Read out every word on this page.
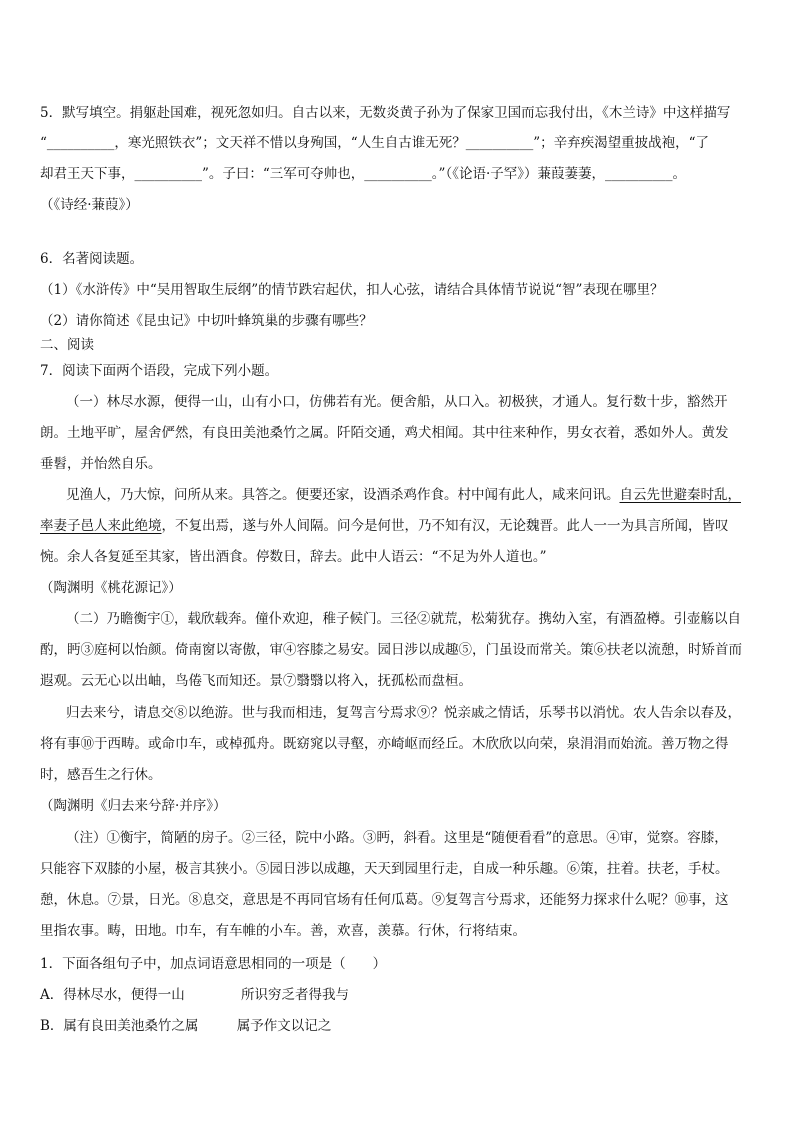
5．默写填空。捐躯赴国难，视死忽如归。自古以来，无数炎黄子孙为了保家卫国而忘我付出，《木兰诗》中这样描写
“__________，寒光照铁衣”；文天祥不惜以身殉国，“人生自古谁无死？__________”；辛弃疾渴望重披战袍，“了
却君王天下事，__________”。子曰：“三军可夺帅也，__________。”（《论语·子罕》）蒹葭萋萋，__________。
（《诗经·蒹葭》）
6．名著阅读题。
（1）《水浒传》中“吴用智取生辰纲”的情节跌宕起伏，扣人心弦，请结合具体情节说说“智”表现在哪里？
（2）请你简述《昆虫记》中切叶蜂筑巢的步骤有哪些？
二、阅读
7．阅读下面两个语段，完成下列小题。
（一）林尽水源，便得一山，山有小口，仿佛若有光。便舍船，从口入。初极狭，才通人。复行数十步，豁然开
朗。土地平旷，屋舍俨然，有良田美池桑竹之属。阡陌交通，鸡犬相闻。其中往来种作，男女衣着，悉如外人。黄发
垂髫，并怡然自乐。
见渔人，乃大惊，问所从来。具答之。便要还家，设酒杀鸡作食。村中闻有此人，咸来问讯。自云先世避秦时乱，
率妻子邑人来此绝境，不复出焉，遂与外人间隔。问今是何世，乃不知有汉，无论魏晋。此人一一为具言所闻，皆叹
惋。余人各复延至其家，皆出酒食。停数日，辞去。此中人语云：“不足为外人道也。”
（陶渊明《桃花源记》）
（二）乃瞻衡宇①，载欣载奔。僮仆欢迎，稚子候门。三径②就荒，松菊犹存。携幼入室，有酒盈樽。引壶觞以自
酌，眄③庭柯以怡颜。倚南窗以寄傲，审④容膝之易安。园日涉以成趣⑤，门虽设而常关。策⑥扶老以流憩，时矫首而
遐观。云无心以出岫，鸟倦飞而知还。景⑦翳翳以将入，抚孤松而盘桓。
归去来兮，请息交⑧以绝游。世与我而相违，复驾言兮焉求⑨？悦亲戚之情话，乐琴书以消忧。农人告余以春及，
将有事⑩于西畴。或命巾车，或棹孤舟。既窈窕以寻壑，亦崎岖而经丘。木欣欣以向荣，泉涓涓而始流。善万物之得
时，感吾生之行休。
（陶渊明《归去来兮辞·并序》）
（注）①衡宇，简陋的房子。②三径，院中小路。③眄，斜看。这里是“随便看看”的意思。④审，觉察。容膝，
只能容下双膝的小屋，极言其狭小。⑤园日涉以成趣，天天到园里行走，自成一种乐趣。⑥策，拄着。扶老，手杖。
憩，休息。⑦景，日光。⑧息交，意思是不再同官场有任何瓜葛。⑨复驾言兮焉求，还能努力探求什么呢？⑩事，这
里指农事。畴，田地。巾车，有车帷的小车。善，欢喜，羡慕。行休，行将结束。
1．下面各组句子中，加点词语意思相同的一项是（　　）
A．得林尽水，便得一山	所识穷乏者得我与
B．属有良田美池桑竹之属	属予作文以记之
